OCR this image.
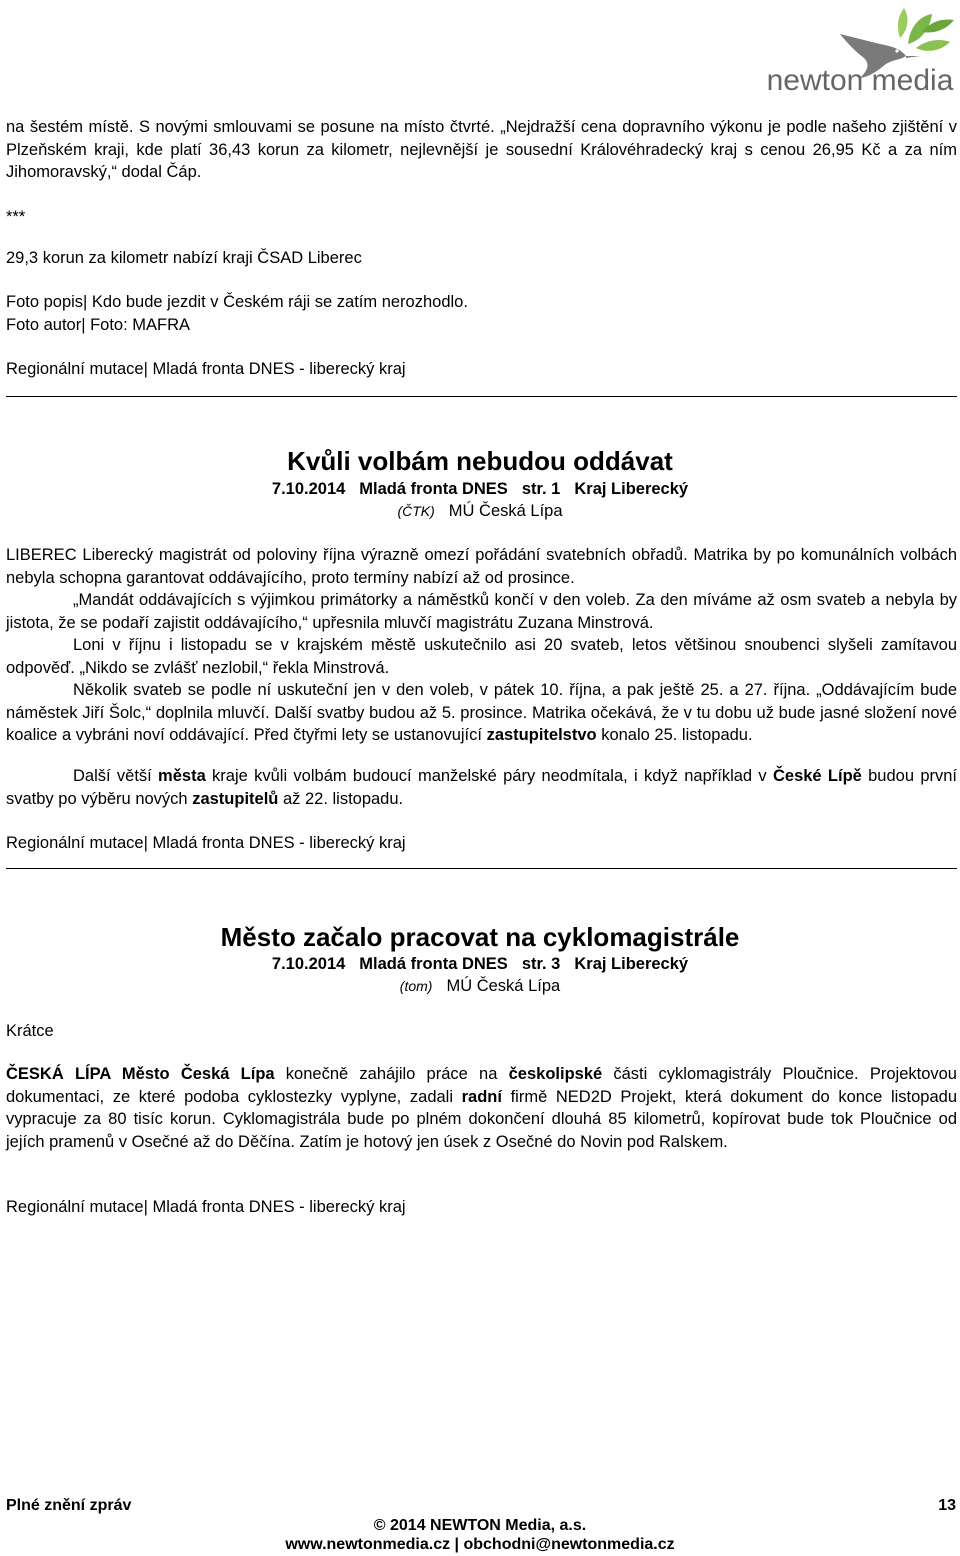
newton media

na šestém místě. S novými smlouvami se posune na místo čtvrté. „Nejdražší cena dopravního výkonu je podle našeho zjištění v Plzeňském kraji, kde platí 36,43 korun za kilometr, nejlevnější je sousední Královéhradecký kraj s cenou 26,95 Kč a za ním Jihomoravský,“ dodal Čáp.

***

29,3 korun za kilometr nabízí kraji ČSAD Liberec

Foto popis| Kdo bude jezdit v Českém ráji se zatím nerozhodlo.

Foto autor| Foto: MAFRA

Regionální mutace| Mladá fronta DNES - liberecký kraj

Kvůli volbám nebudou oddávat
7.10.2014 Mladá fronta DNES str. 1 Kraj Liberecký
(ČTK) MÚ Česká Lípa

LIBEREC Liberecký magistrát od poloviny října výrazně omezí pořádání svatebních obřadů. Matrika by po komunálních volbách nebyla schopna garantovat oddávajícího, proto termíny nabízí až od prosince.

„Mandát oddávajících s výjimkou primátorky a náměstků končí v den voleb. Za den míváme až osm svateb a nebyla by jistota, že se podaří zajistit oddávajícího,“ upřesnila mluvčí magistrátu Zuzana Minstrová.

Loni v říjnu i listopadu se v krajském městě uskutečnilo asi 20 svateb, letos většinou snoubenci slyšeli zamítavou odpověď. „Nikdo se zvlášť nezlobil,“ řekla Minstrová.

Několik svateb se podle ní uskuteční jen v den voleb, v pátek 10. října, a pak ještě 25. a 27. října. „Oddávajícím bude náměstek Jiří Šolc,“ doplnila mluvčí. Další svatby budou až 5. prosince. Matrika očekává, že v tu dobu už bude jasné složení nové koalice a vybráni noví oddávající. Před čtyřmi lety se ustanovující zastupitelstvo konalo 25. listopadu.

Další větší města kraje kvůli volbám budoucí manželské páry neodmítala, i když například v České Lípě budou první svatby po výběru nových zastupitelů až 22. listopadu.

Regionální mutace| Mladá fronta DNES - liberecký kraj

Krátce

Město začalo pracovat na cyklomagistrále
7.10.2014 Mladá fronta DNES str. 3 Kraj Liberecký
(tom) MÚ Česká Lípa

ČESKÁ LÍPA Město Česká Lípa konečně zahájilo práce na českolipské části cyklomagistrály Ploučnice. Projektovou dokumentaci, ze které podoba cyklostezky vyplyne, zadali radní firmě NED2D Projekt, která dokument do konce listopadu vypracuje za 80 tisíc korun. Cyklomagistrála bude po plném dokončení dlouhá 85 kilometrů, kopírovat bude tok Ploučnice od jejích pramenů v Osečné až do Děčína. Zatím je hotový jen úsek z Osečné do Novin pod Ralskem.

Regionální mutace| Mladá fronta DNES - liberecký kraj

Plné znění zpráv	13
© 2014 NEWTON Media, a.s.
www.newtonmedia.cz | obchodni@newtonmedia.cz
